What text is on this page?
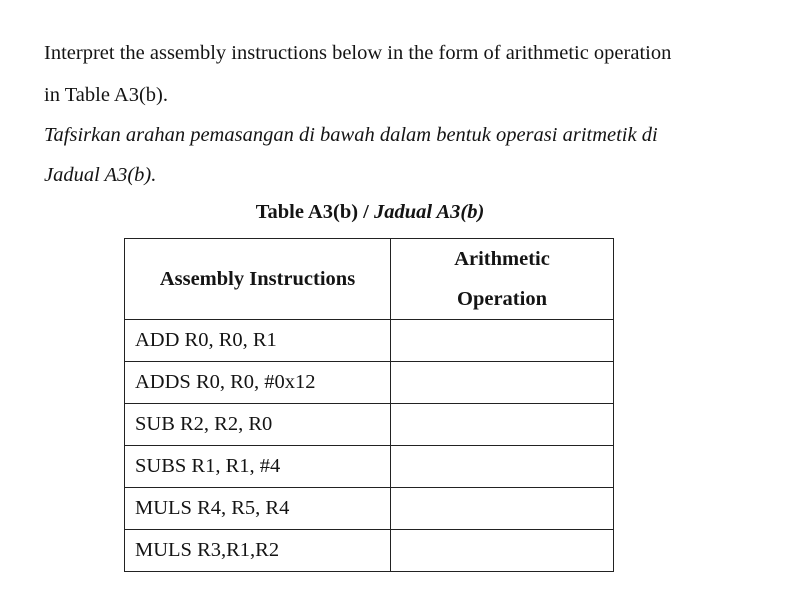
Interpret the assembly instructions below in the form of arithmetic operation
in Table A3(b).
Tafsirkan arahan pemasangan di bawah dalam bentuk operasi aritmetik di
Jadual A3(b).
Table A3(b) / Jadual A3(b)
Assembly Instructions	Arithmetic
Operation

ADD R0, R0, R1	
ADDS R0, R0, #0x12	
SUB R2, R2, R0	
SUBS R1, R1, #4	
MULS R4, R5, R4	
MULS R3,R1,R2	
